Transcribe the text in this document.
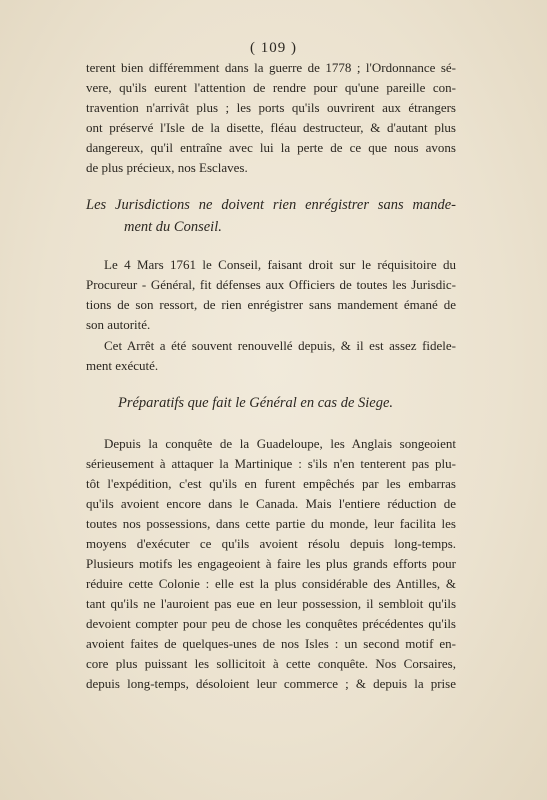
( 109 )
terent bien différemment dans la guerre de 1778 ; l'Ordonnance sé-
vere, qu'ils eurent l'attention de rendre pour qu'une pareille con-
travention n'arrivât plus ; les ports qu'ils ouvrirent aux étrangers
ont préservé l'Isle de la disette, fléau destructeur, & d'autant plus
dangereux, qu'il entraîne avec lui la perte de ce que nous avons
de plus précieux, nos Esclaves.
Les Jurisdictions ne doivent rien enrégistrer sans mande-
ment du Conseil.
Le 4 Mars 1761 le Conseil, faisant droit sur le réquisitoire du
Procureur - Général, fit défenses aux Officiers de toutes les Jurisdic-
tions de son ressort, de rien enrégistrer sans mandement émané de
son autorité.
Cet Arrêt a été souvent renouvellé depuis, & il est assez fidele-
ment exécuté.
Préparatifs que fait le Général en cas de Siege.
Depuis la conquête de la Guadeloupe, les Anglais songeoient
sérieusement à attaquer la Martinique : s'ils n'en tenterent pas plu-
tôt l'expédition, c'est qu'ils en furent empêchés par les embarras
qu'ils avoient encore dans le Canada. Mais l'entiere réduction de
toutes nos possessions, dans cette partie du monde, leur facilita les
moyens d'exécuter ce qu'ils avoient résolu depuis long-temps.
Plusieurs motifs les engageoient à faire les plus grands efforts pour
réduire cette Colonie : elle est la plus considérable des Antilles, &
tant qu'ils ne l'auroient pas eue en leur possession, il sembloit qu'ils
devoient compter pour peu de chose les conquêtes précédentes qu'ils
avoient faites de quelques-unes de nos Isles : un second motif en-
core plus puissant les sollicitoit à cette conquête. Nos Corsaires,
depuis long-temps, désoloient leur commerce ; & depuis la prise
